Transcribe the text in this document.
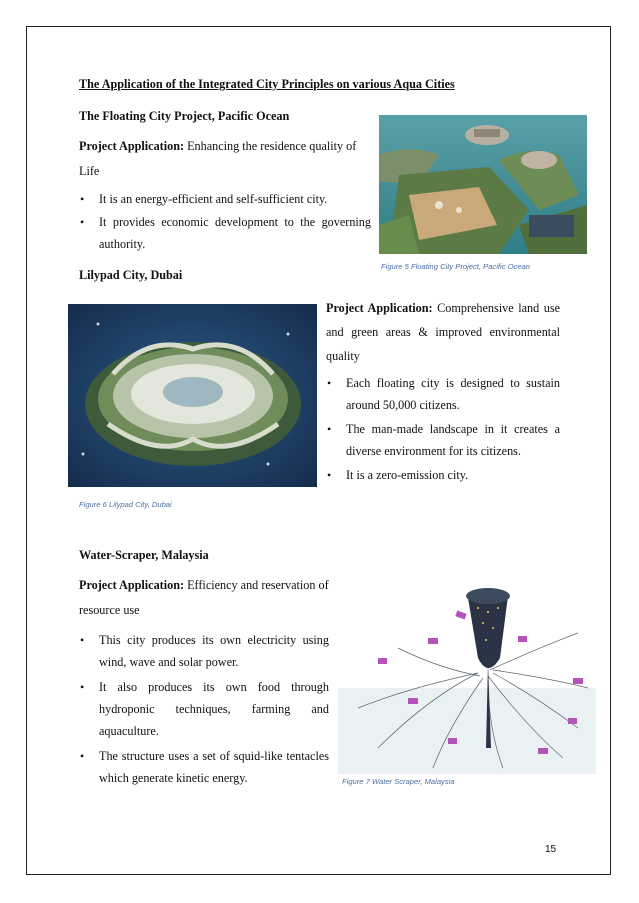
The Application of the Integrated City Principles on various Aqua Cities
The Floating City Project, Pacific Ocean
Project Application: Enhancing the residence quality of
Life
• It is an energy-efficient and self-sufficient city.
• It provides economic development to the governing authority.
Figure 5 Floating City Project, Pacific Ocean
Lilypad City, Dubai
Figure 6 Lilypad City, Dubai
Project Application: Comprehensive land use and green areas & improved environmental quality
• Each floating city is designed to sustain around 50,000 citizens.
• The man-made landscape in it creates a diverse environment for its citizens.
• It is a zero-emission city.
Water-Scraper, Malaysia
Project Application: Efficiency and reservation of resource use
• This city produces its own electricity using wind, wave and solar power.
• It also produces its own food through hydroponic techniques, farming and aquaculture.
• The structure uses a set of squid-like tentacles which generate kinetic energy.	Figure 7 Water Scraper, Malaysia
15
